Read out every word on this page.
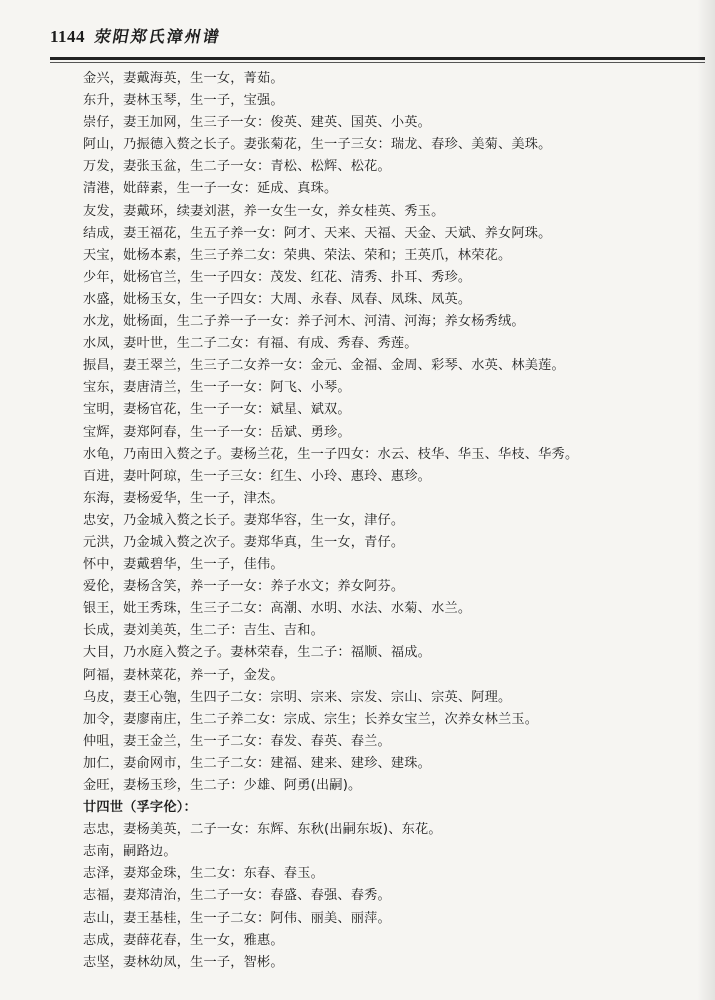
1144 荥阳郑氏漳州谱
金兴，妻戴海英，生一女，菁茹。
东升，妻林玉琴，生一子，宝强。
崇仔，妻王加网，生三子一女：俊英、建英、国英、小英。
阿山，乃振德入赘之长子。妻张菊花，生一子三女：瑞龙、春珍、美菊、美珠。
万发，妻张玉盆，生二子一女：青松、松辉、松花。
清港，妣薛素，生一子一女：延成、真珠。
友发，妻戴环，续妻刘湛，养一女生一女，养女桂英、秀玉。
结成，妻王福花，生五子养一女：阿才、天来、天福、天金、天斌、养女阿珠。
天宝，妣杨本素，生三子养二女：荣典、荣法、荣和；王英爪，林荣花。
少年，妣杨官兰，生一子四女：茂发、红花、清秀、扑耳、秀珍。
水盛，妣杨玉女，生一子四女：大周、永春、凤春、凤珠、凤英。
水龙，妣杨面，生二子养一子一女：养子河木、河清、河海；养女杨秀绒。
水凤，妻叶世，生二子二女：有福、有成、秀春、秀莲。
振昌，妻王翠兰，生三子二女养一女：金元、金福、金周、彩琴、水英、林美莲。
宝东，妻唐清兰，生一子一女：阿飞、小琴。
宝明，妻杨官花，生一子一女：斌星、斌双。
宝辉，妻郑阿春，生一子一女：岳斌、勇珍。
水龟，乃南田入赘之子。妻杨兰花，生一子四女：水云、枝华、华玉、华枝、华秀。
百进，妻叶阿琼，生一子三女：红生、小玲、惠玲、惠珍。
东海，妻杨爱华，生一子，津杰。
忠安，乃金城入赘之长子。妻郑华容，生一女，津仔。
元洪，乃金城入赘之次子。妻郑华真，生一女，青仔。
怀中，妻戴碧华，生一子，佳伟。
爱伦，妻杨含笑，养一子一女：养子水文；养女阿芬。
银王，妣王秀珠，生三子二女：高潮、水明、水法、水菊、水兰。
长成，妻刘美英，生二子：吉生、吉和。
大目，乃水庭入赘之子。妻林荣春，生二子：福顺、福成。
阿福，妻林菜花，养一子，金发。
乌皮，妻王心匏，生四子二女：宗明、宗来、宗发、宗山、宗英、阿理。
加令，妻廖南庄，生二子养二女：宗成、宗生；长养女宝兰，次养女林兰玉。
仲咀，妻王金兰，生一子二女：春发、春英、春兰。
加仁，妻俞网市，生二子二女：建福、建来、建珍、建珠。
金旺，妻杨玉珍，生二子：少雄、阿勇(出嗣)。
廿四世（孚字伦）：
志忠，妻杨美英，二子一女：东辉、东秋(出嗣东坂)、东花。
志南，嗣路边。
志泽，妻郑金珠，生二女：东春、春玉。
志福，妻郑清治，生二子一女：春盛、春强、春秀。
志山，妻王基桂，生一子二女：阿伟、丽美、丽萍。
志成，妻薛花春，生一女，雅惠。
志坚，妻林幼凤，生一子，智彬。
